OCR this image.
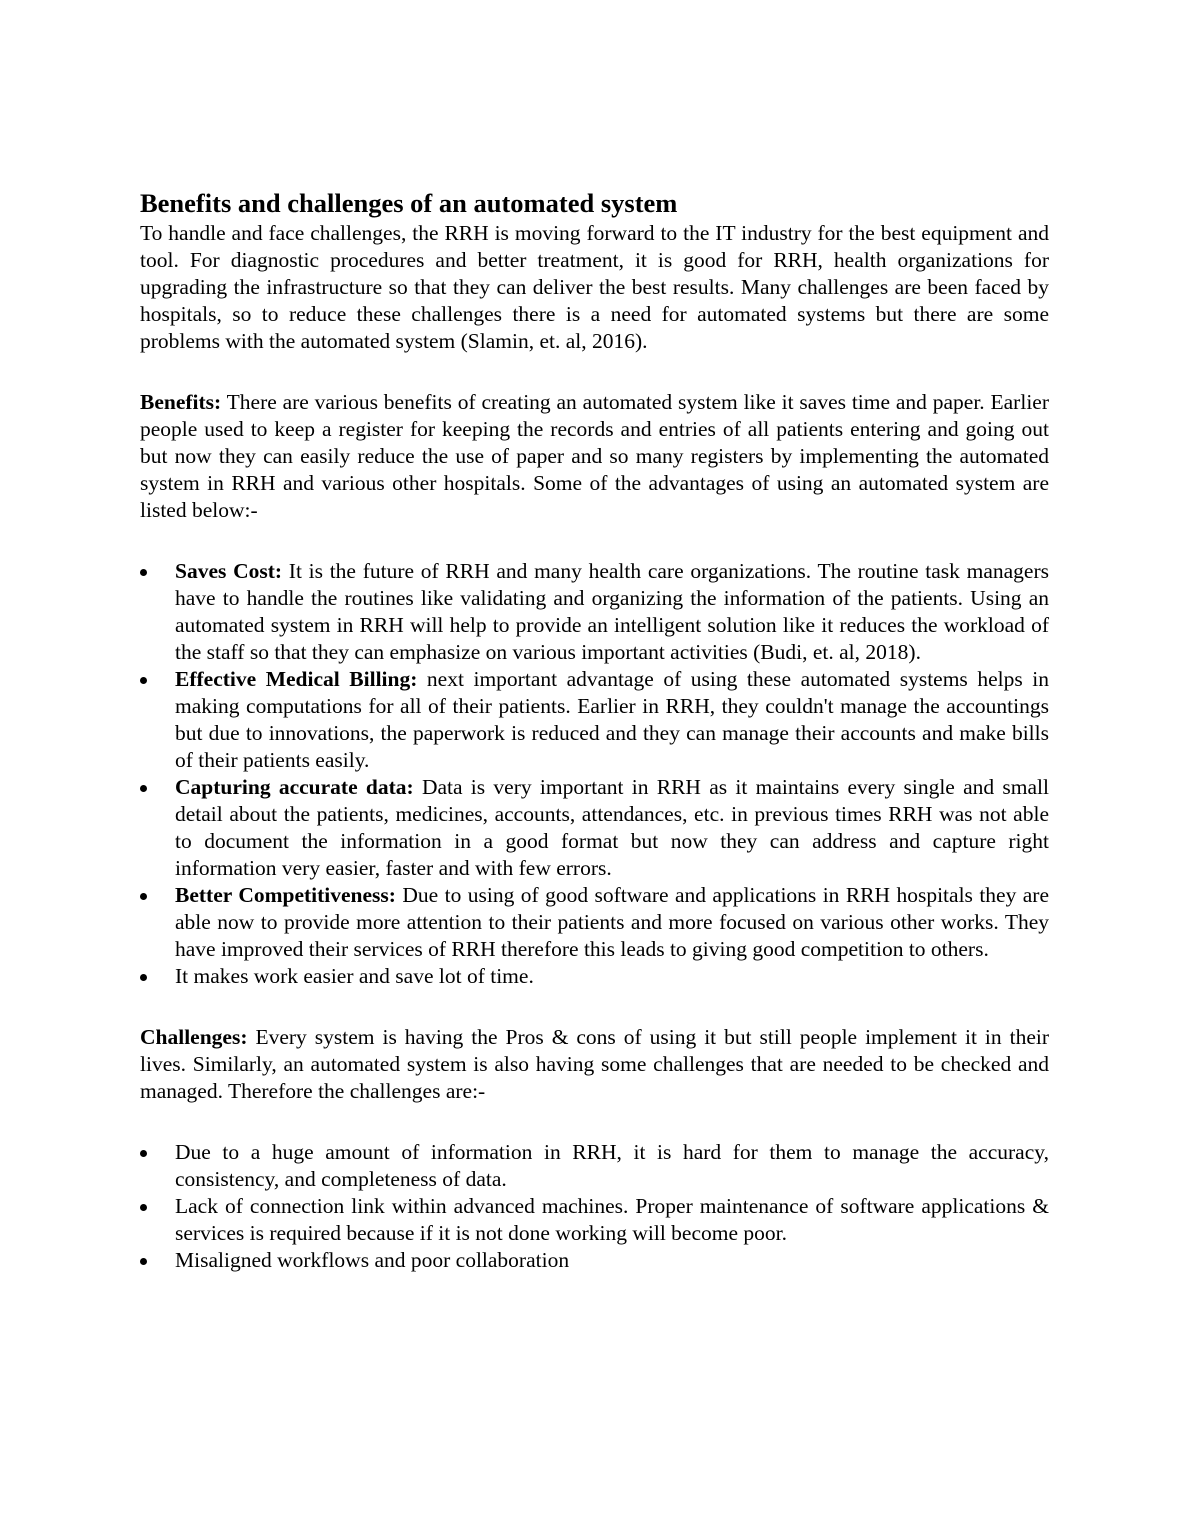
Benefits and challenges of an automated system

To handle and face challenges, the RRH is moving forward to the IT industry for the best equipment and tool. For diagnostic procedures and better treatment, it is good for RRH, health organizations for upgrading the infrastructure so that they can deliver the best results. Many challenges are been faced by hospitals, so to reduce these challenges there is a need for automated systems but there are some problems with the automated system (Slamin, et. al, 2016).

Benefits: There are various benefits of creating an automated system like it saves time and paper. Earlier people used to keep a register for keeping the records and entries of all patients entering and going out but now they can easily reduce the use of paper and so many registers by implementing the automated system in RRH and various other hospitals. Some of the advantages of using an automated system are listed below:-

Saves Cost: It is the future of RRH and many health care organizations. The routine task managers have to handle the routines like validating and organizing the information of the patients. Using an automated system in RRH will help to provide an intelligent solution like it reduces the workload of the staff so that they can emphasize on various important activities (Budi, et. al, 2018).
Effective Medical Billing: next important advantage of using these automated systems helps in making computations for all of their patients. Earlier in RRH, they couldn't manage the accountings but due to innovations, the paperwork is reduced and they can manage their accounts and make bills of their patients easily.
Capturing accurate data: Data is very important in RRH as it maintains every single and small detail about the patients, medicines, accounts, attendances, etc. in previous times RRH was not able to document the information in a good format but now they can address and capture right information very easier, faster and with few errors.
Better Competitiveness: Due to using of good software and applications in RRH hospitals they are able now to provide more attention to their patients and more focused on various other works. They have improved their services of RRH therefore this leads to giving good competition to others.
It makes work easier and save lot of time.

Challenges: Every system is having the Pros & cons of using it but still people implement it in their lives. Similarly, an automated system is also having some challenges that are needed to be checked and managed. Therefore the challenges are:-

Due to a huge amount of information in RRH, it is hard for them to manage the accuracy, consistency, and completeness of data.
Lack of connection link within advanced machines. Proper maintenance of software applications & services is required because if it is not done working will become poor.
Misaligned workflows and poor collaboration
